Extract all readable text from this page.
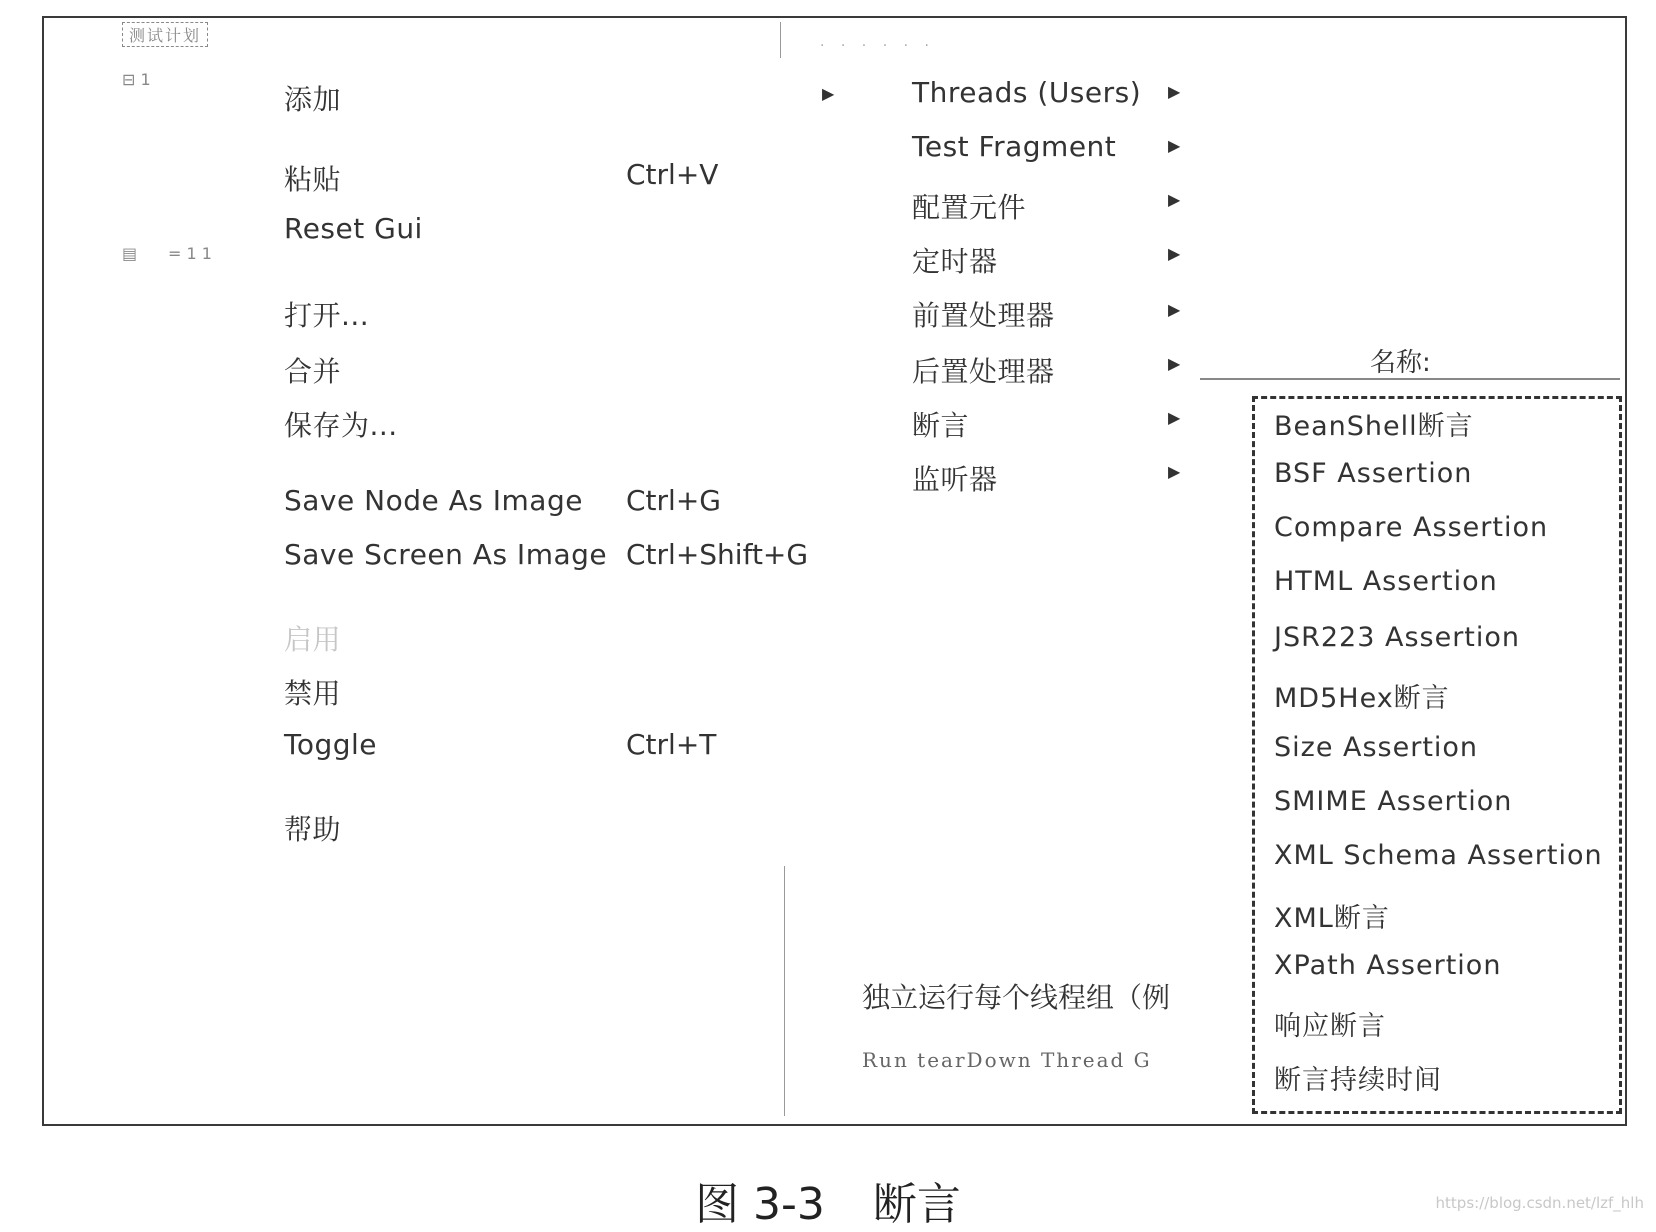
测试计划
⊟ 1
▤ = 1 1
. . . . . .
添加	▶
粘贴	Ctrl+V
Reset Gui
打开...
合并
保存为...
Save Node As Image Ctrl+G
Save Screen As Image Ctrl+Shift+G
启用
禁用
Toggle	Ctrl+T
帮助
Threads (Users) ▶
Test Fragment	▶
配置元件	▶
定时器	▶
前置处理器	▶
后置处理器	▶
断言	▶
监听器	▶
名称:
BeanShell断言
BSF Assertion
Compare Assertion
HTML Assertion
JSR223 Assertion
MD5Hex断言
Size Assertion
SMIME Assertion
XML Schema Assertion
XML断言
XPath Assertion
响应断言
断言持续时间
独立运行每个线程组（例
Run tearDown Thread G
图 3-3 断言	https://blog.csdn.net/lzf_hlh
